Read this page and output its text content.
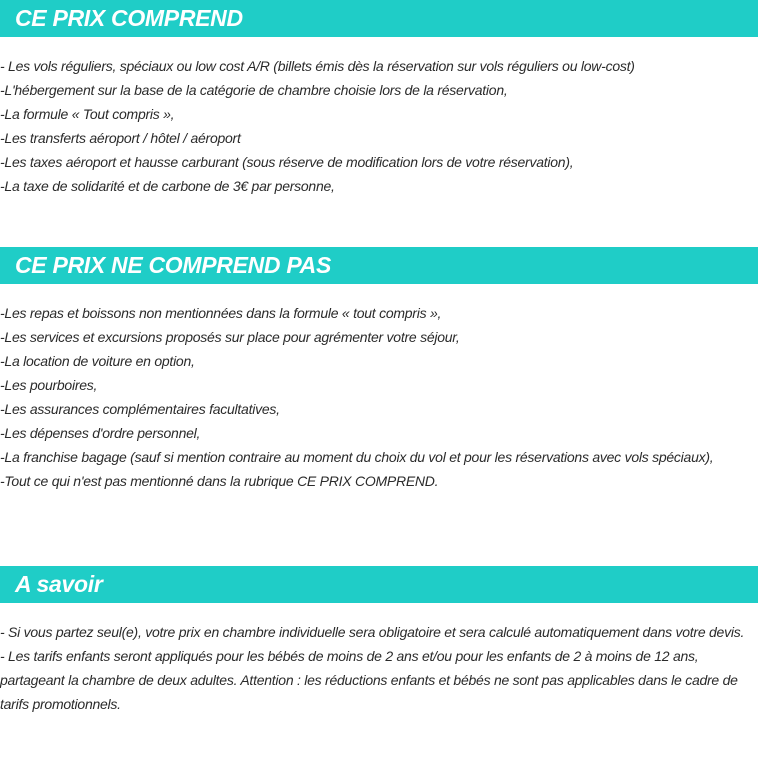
CE PRIX COMPREND
- Les vols réguliers, spéciaux ou low cost A/R (billets émis dès la réservation sur vols réguliers ou low-cost)
-L'hébergement sur la base de la catégorie de chambre choisie lors de la réservation,
-La formule « Tout compris »,
-Les transferts aéroport / hôtel / aéroport
-Les taxes aéroport et hausse carburant (sous réserve de modification lors de votre réservation),
-La taxe de solidarité et de carbone de 3€ par personne,
CE PRIX NE COMPREND PAS
-Les repas et boissons non mentionnées dans la formule « tout compris »,
-Les services et excursions proposés sur place pour agrémenter votre séjour,
-La location de voiture en option,
-Les pourboires,
-Les assurances complémentaires facultatives,
-Les dépenses d'ordre personnel,
-La franchise bagage (sauf si mention contraire au moment du choix du vol et pour les réservations avec vols spéciaux),
-Tout ce qui n'est pas mentionné dans la rubrique CE PRIX COMPREND.
A savoir
- Si vous partez seul(e), votre prix en chambre individuelle sera obligatoire et sera calculé automatiquement dans votre devis.
- Les tarifs enfants seront appliqués pour les bébés de moins de 2 ans et/ou pour les enfants de 2 à moins de 12 ans, partageant la chambre de deux adultes. Attention : les réductions enfants et bébés ne sont pas applicables dans le cadre de tarifs promotionnels.
